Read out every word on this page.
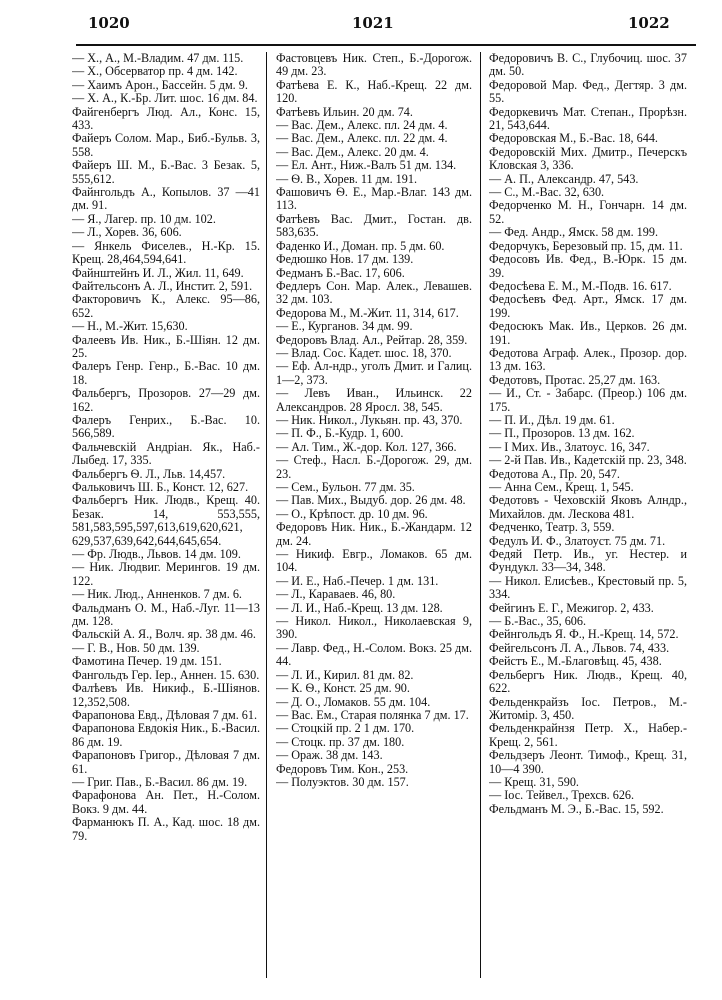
1020	1021	1022
— X., А., М.-Владим. 47 дм. 115.
— X., Обсерватор пр. 4 дм. 142.
— Хаимъ Арон., Бассейн. 5 дм. 9.
— Х. А., К.-Бр. Лит. шос. 16 дм. 84.
Файгенбергъ Люд. Ал., Конс. 15, 433.
Файеръ Солом. Мар., Биб.-Бульв. 3, 558.
Файеръ Ш. М., Б.-Вас. 3 Безак. 5, 555,612.
Файнгольдъ А., Копылов. 37 —41 дм. 91.
— Я., Лагер. пр. 10 дм. 102.
— Л., Хорев. 36, 606.
— Янкель Фиселев., Н.-Кр. 15. Крещ. 28,464,594,641.
Файнштейнъ И. Л., Жил. 11, 649.
Файтельсонъ А. Л., Инстит. 2, 591.
Факторовичъ К., Алекс. 95—86, 652.
— Н., М.-Жит. 15,630.
Фалеевъ Ив. Ник., Б.-Шіян. 12 дм. 25.
Фалеръ Генр. Генр., Б.-Вас. 10 дм. 18.
Фальбергъ, Прозоров. 27—29 дм. 162.
Фалеръ Генрих., Б.-Вас. 10. 566,589.
Фальчевскій Андріан. Як., Наб.-Лыбед. 17, 335.
Фальбергъ Ѳ. Л., Льв. 14,457.
Фальковичъ Ш. Б., Конст. 12, 627.
Фальбергъ Ник. Людв., Крещ. 40. Безак. 14, 553,555, 581,583,595,597,613,619,620,621, 629,537,639,642,644,645,654.
— Фр. Людв., Львов. 14 дм. 109.
— Ник. Людвиг. Мерингов. 19 дм. 122.
— Ник. Люд., Анненков. 7 дм. 6.
Фальдманъ О. М., Наб.-Луг. 11—13 дм. 128.
Фальскій А. Я., Волч. яр. 38 дм. 46.
— Г. В., Нов. 50 дм. 139.
Фамотина Печер. 19 дм. 151.
Фангольдъ Гер. Іер., Аннен. 15. 630.
Фалѣевъ Ив. Никиф., Б.-Шіянов. 12,352,508.
Фарапонова Евд., Дѣловая 7 дм. 61.
Фарапонова Евдокія Ник., Б.-Васил. 86 дм. 19.
Фарапоновъ Григор., Дѣловая 7 дм. 61.
— Григ. Пав., Б.-Васил. 86 дм. 19.
Фарафонова Ан. Пет., Н.-Солом. Вокз. 9 дм. 44.
Фарманюкъ П. А., Кад. шос. 18 дм. 79.
Фастовцевъ Ник. Степ., Б.-Дорогож. 49 дм. 23.
Фатѣева Е. К., Наб.-Крещ. 22 дм. 120.
Фатѣевъ Ильин. 20 дм. 74.
— Вас. Дем., Алекс. пл. 24 дм. 4.
— Вас. Дем., Алекс. пл. 22 дм. 4.
— Вас. Дем., Алекс. 20 дм. 4.
— Ел. Ант., Ниж.-Валъ 51 дм. 134.
— Ѳ. В., Хорев. 11 дм. 191.
Фашовичъ Ѳ. Е., Мар.-Влаг. 143 дм. 113.
Фатѣевъ Вас. Дмит., Гостан. дв. 583,635.
Фаденко И., Доман. пр. 5 дм. 60.
Федюшко Нов. 17 дм. 139.
Федманъ Б.-Вас. 17, 606.
Федлеръ Сон. Мар. Алек., Левашев. 32 дм. 103.
Федорова М., М.-Жит. 11, 314, 617.
— Е., Курганов. 34 дм. 99.
Федоровъ Влад. Ал., Рейтар. 28, 359.
— Влад. Сос. Кадет. шос. 18, 370.
— Еф. Ал-ндр., уголъ Дмит. и Галиц. 1—2, 373.
— Левъ Иван., Ильинск. 22 Александров. 28 Яросл. 38, 545.
— Ник. Никол., Лукьян. пр. 43, 370.
— П. Ф., Б.-Кудр. 1, 600.
— Ал. Тим., Ж.-дор. Кол. 127, 366.
— Стеф., Насл. Б.-Дорогож. 29, дм. 23.
— Сем., Бульон. 77 дм. 35.
— Пав. Мих., Выдуб. дор. 26 дм. 48.
— О., Крѣпост. др. 10 дм. 96.
Федоровъ Ник. Ник., Б.-Жандарм. 12 дм. 24.
— Никиф. Евгр., Ломаков. 65 дм. 104.
— И. Е., Наб.-Печер. 1 дм. 131.
— Л., Караваев. 46, 80.
— Л. И., Наб.-Крещ. 13 дм. 128.
— Никол. Никол., Николаевская 9, 390.
— Лавр. Фед., Н.-Солом. Вокз. 25 дм. 44.
— Л. И., Кирил. 81 дм. 82.
— К. Ѳ., Конст. 25 дм. 90.
— Д. О., Ломаков. 55 дм. 104.
— Вас. Ем., Старая полянка 7 дм. 17.
— Стоцкій пр. 2 1 дм. 170.
— Стоцк. пр. 37 дм. 180.
— Ораж. 38 дм. 143.
Федоровъ Тим. Кон., 253.
— Полуэктов. 30 дм. 157.
Федоровичъ В. С., Глубочиц. шос. 37 дм. 50.
Федоровой Мар. Фед., Дегтяр. 3 дм. 55.
Федоркевичъ Мат. Степан., Прорѣзн. 21, 543,644.
Федоровская М., Б.-Вас. 18, 644.
Федоровскій Мих. Дмитр., Печерскъ Кловская 3, 336.
— А. П., Александр. 47, 543.
— С., М.-Вас. 32, 630.
Федорченко М. Н., Гончарн. 14 дм. 52.
— Фед. Андр., Ямск. 58 дм. 199.
Федорчукъ, Березовый пр. 15, дм. 11.
Федосовъ Ив. Фед., В.-Юрк. 15 дм. 39.
Федосѣева Е. М., М.-Подв. 16. 617.
Федосѣевъ Фед. Арт., Ямск. 17 дм. 199.
Федосюкъ Мак. Ив., Церков. 26 дм. 191.
Федотова Аграф. Алек., Прозор. дор. 13 дм. 163.
Федотовъ, Протас. 25,27 дм. 163.
— И., Ст. - Забарс. (Преор.) 106 дм. 175.
— П. И., Дѣл. 19 дм. 61.
— П., Прозоров. 13 дм. 162.
— I Мих. Ив., Златоус. 16, 347.
— 2-й Пав. Ив., Кадетскій пр. 23, 348.
Федотова А., Пр. 20, 547.
— Анна Сем., Крещ. 1, 545.
Федотовъ - Чеховскій Яковъ Алндр., Михайлов. дм. Лескова 481.
Федченко, Театр. 3, 559.
Федулъ И. Ф., Златоуст. 75 дм. 71.
Федяй Петр. Ив., уг. Нестер. и Фундукл. 33—34, 348.
— Никол. Елисѣев., Крестовый пр. 5, 334.
Фейгинъ Е. Г., Межигор. 2, 433.
— Б.-Вас., 35, 606.
Фейнгольдъ Я. Ф., Н.-Крещ. 14, 572.
Фейгельсонъ Л. А., Львов. 74, 433.
Фейстъ Е., М.-Благовѣщ. 45, 438.
Фельбергъ Ник. Людв., Крещ. 40, 622.
Фельденкрайзъ Іос. Петров., М.-Житомір. 3, 450.
Фельденкрайнзя Петр. Х., Набер.-Крещ. 2, 561.
Фельдзеръ Леонт. Тимоф., Крещ. 31, 10—4 390.
— Крещ. 31, 590.
— Іос. Тейвел., Трехсв. 626.
Фельдманъ М. Э., Б.-Вас. 15, 592.
